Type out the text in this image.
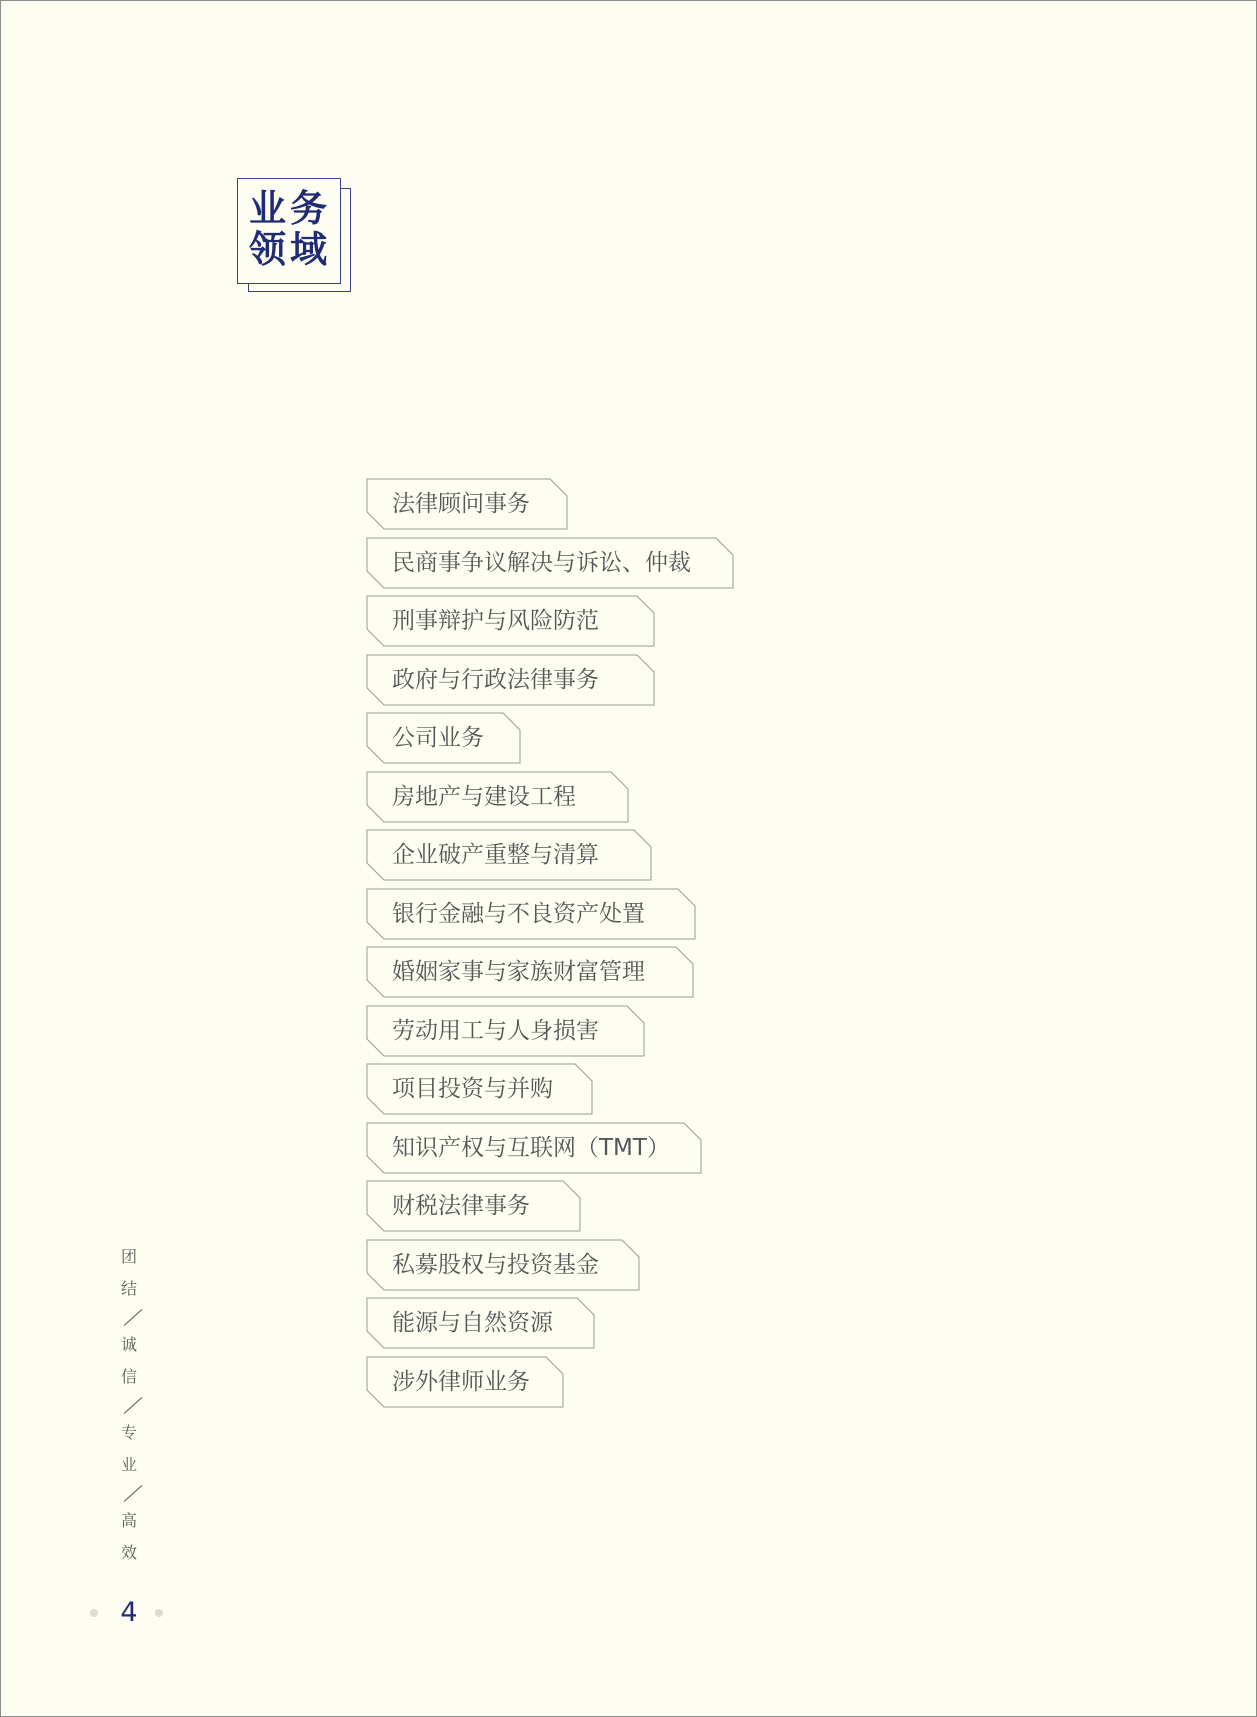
业务
领域
法律顾问事务
民商事争议解决与诉讼、仲裁
刑事辩护与风险防范
政府与行政法律事务
公司业务
房地产与建设工程
企业破产重整与清算
银行金融与不良资产处置
婚姻家事与家族财富管理
劳动用工与人身损害
项目投资与并购
知识产权与互联网（TMT）
财税法律事务
私募股权与投资基金
能源与自然资源
涉外律师业务
团
结
诚
信
专
业
高
效
4
